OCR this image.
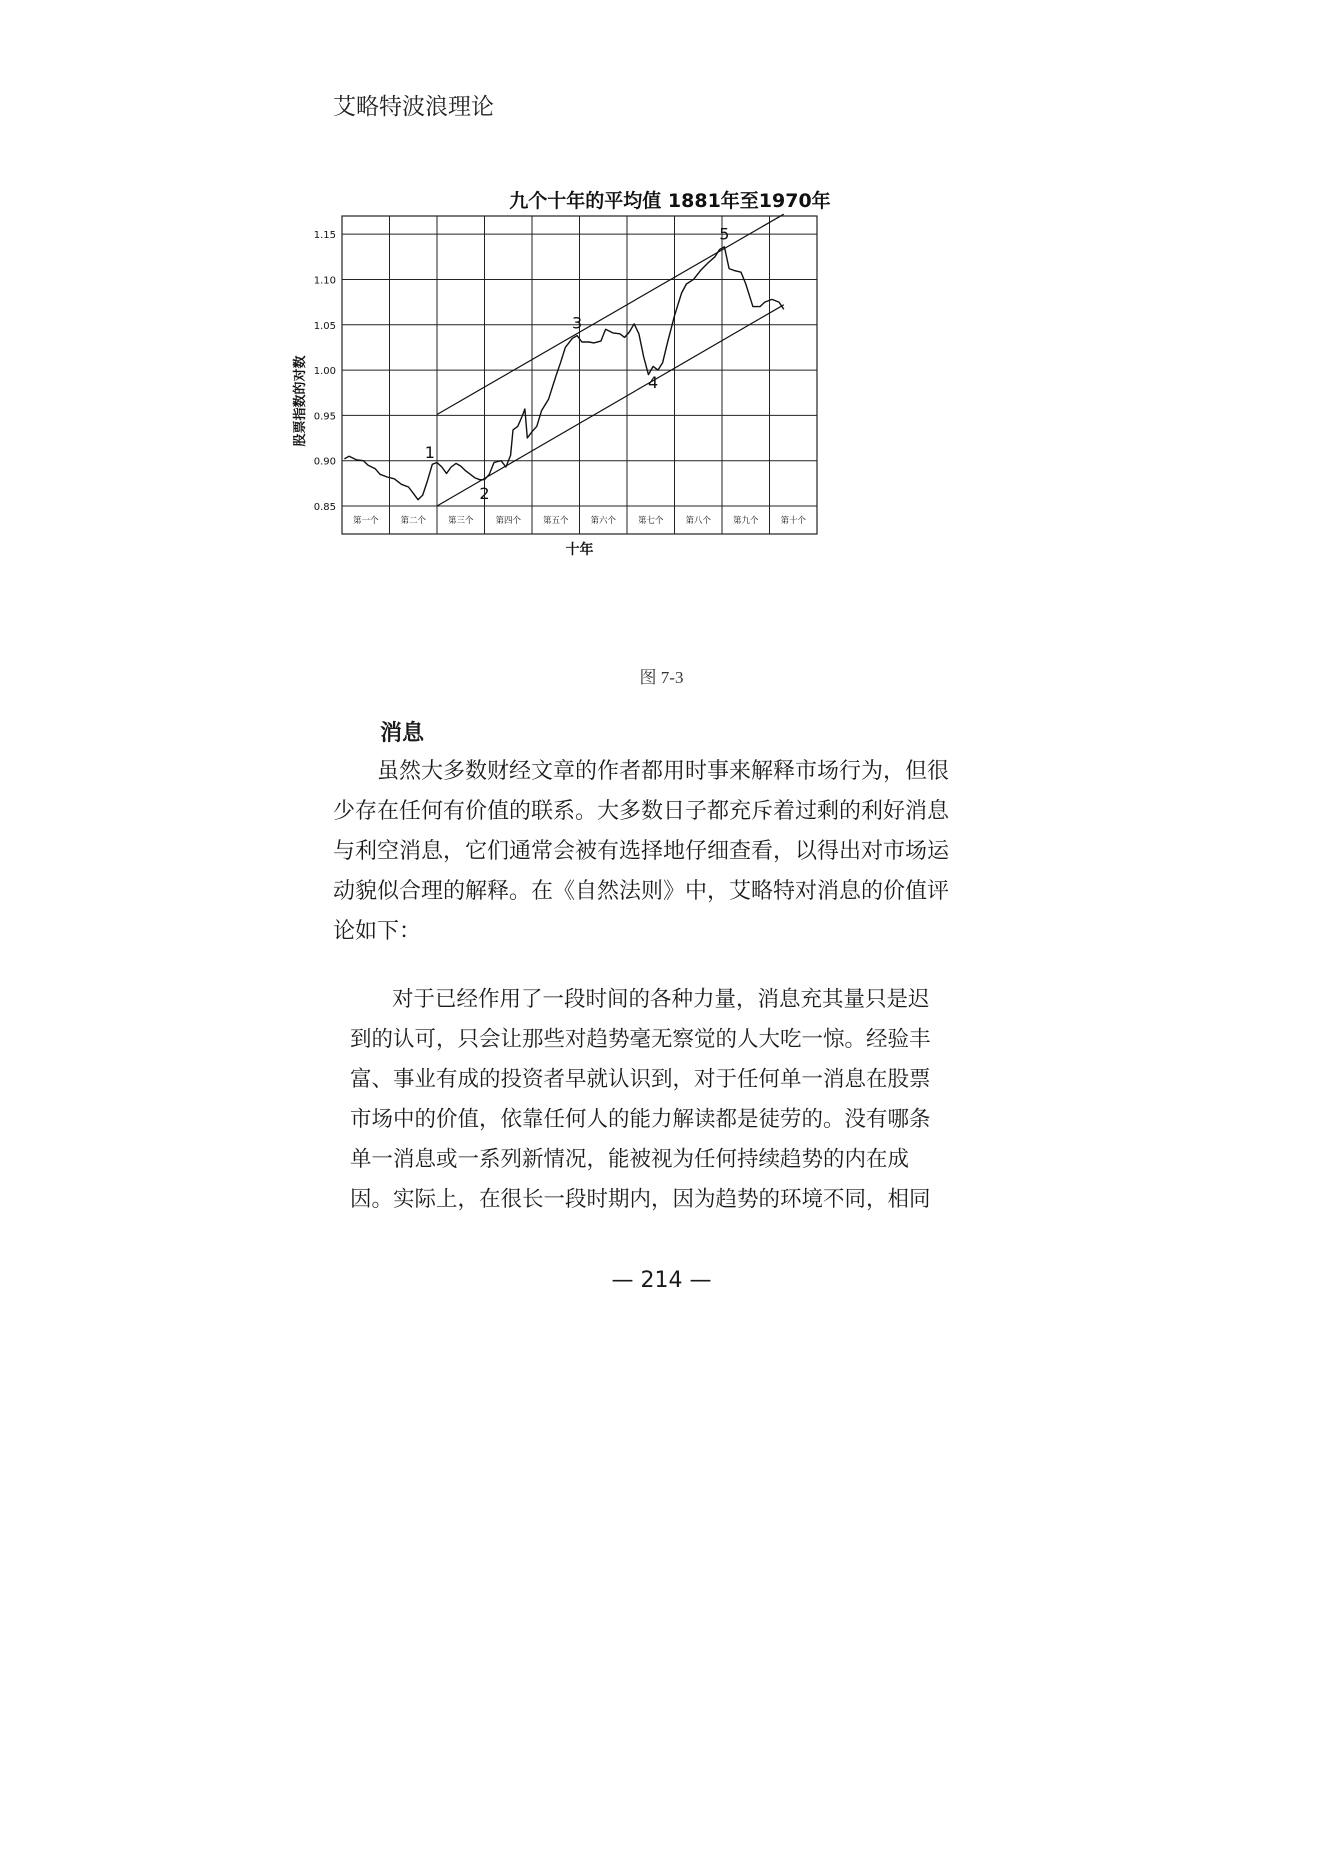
艾略特波浪理论
九个十年的平均值 1881年至1970年
0.85
0.90
0.95
1.00
1.05
1.10
1.15
第一个	第二个	第三个	第四个	第五个	第六个	第七个	第八个	第九个	第十个
1
2
3
4
5
十年
股票指数的对数
图 7-3
消息
虽然大多数财经文章的作者都用时事来解释市场行为，但很
少存在任何有价值的联系。大多数日子都充斥着过剩的利好消息
与利空消息，它们通常会被有选择地仔细查看，以得出对市场运
动貌似合理的解释。在《自然法则》中，艾略特对消息的价值评
论如下：
对于已经作用了一段时间的各种力量，消息充其量只是迟
到的认可，只会让那些对趋势毫无察觉的人大吃一惊。经验丰
富、事业有成的投资者早就认识到，对于任何单一消息在股票
市场中的价值，依靠任何人的能力解读都是徒劳的。没有哪条
单一消息或一系列新情况，能被视为任何持续趋势的内在成
因。实际上，在很长一段时期内，因为趋势的环境不同，相同
— 214 —
